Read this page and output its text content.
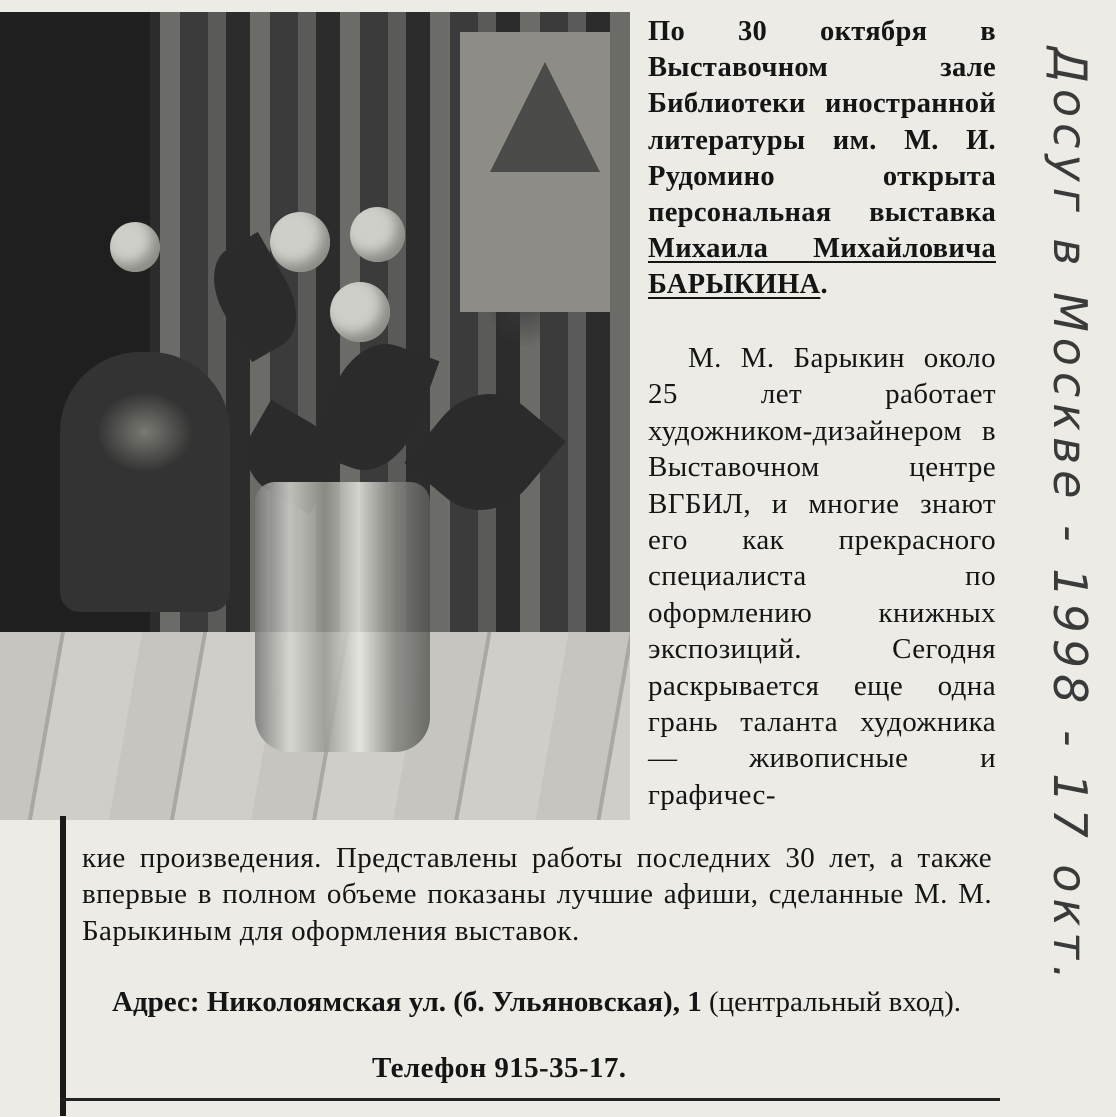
По 30 октября в Выставочном зале Библиотеки иностранной литературы им. М. И. Рудомино открыта персональная выставка Михаила Михайловича БАРЫКИНА.
М. М. Барыкин около 25 лет работает художником-дизайнером в Выставочном центре ВГБИЛ, и многие знают его как прекрасного специалиста по оформлению книжных экспозиций. Сегодня раскрывается еще одна грань таланта художника — живописные и графичес-
кие произведения. Представлены работы последних 30 лет, а также впервые в полном объеме показаны лучшие афиши, сделанные М. М. Барыкиным для оформления выставок.
Адрес: Николоямская ул. (б. Ульяновская), 1 (центральный вход).
Телефон 915-35-17.
Досуг в Москве - 1998 - 17 окт.
